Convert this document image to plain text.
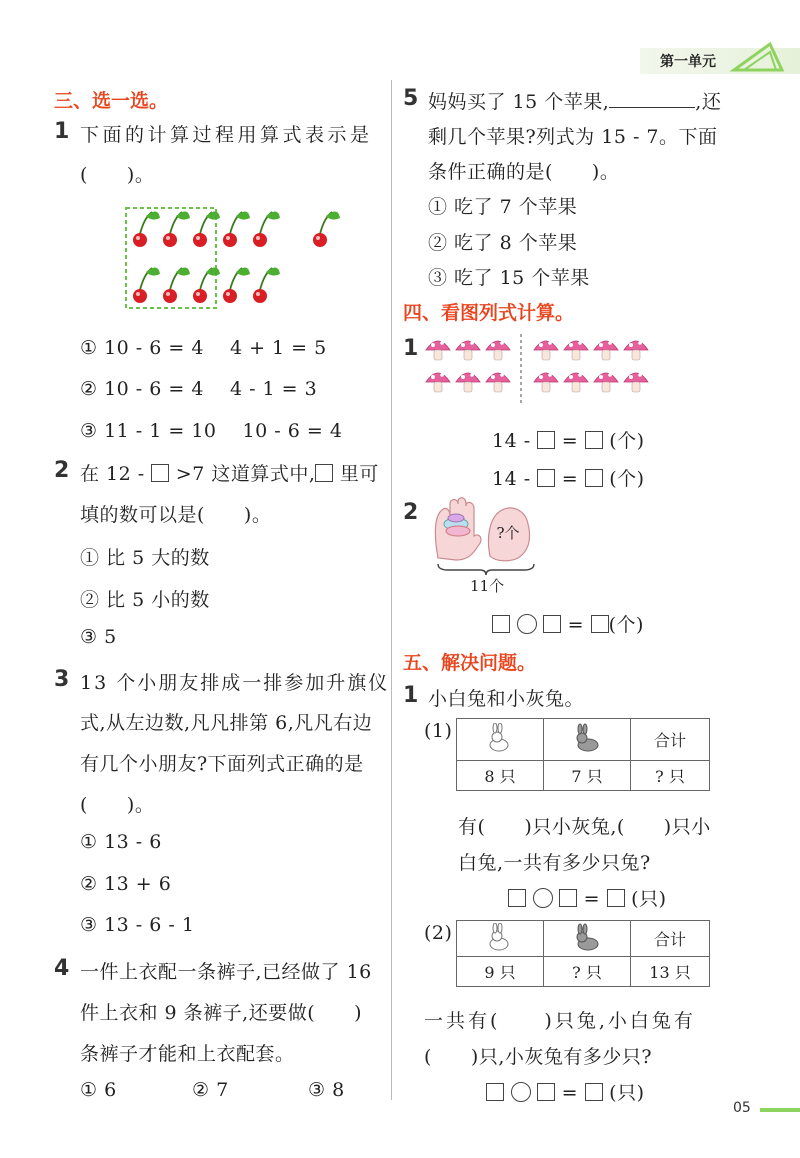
第一单元
三、选一选。
1 下面的计算过程用算式表示是
(　　)。
① 10 - 6 = 4　 4 + 1 = 5
② 10 - 6 = 4　 4 - 1 = 3
③ 11 - 1 = 10　 10 - 6 = 4
2 在 12 - >7 这道算式中, 里可
填的数可以是(　　)。
① 比 5 大的数
② 比 5 小的数
③ 5
3 13 个小朋友排成一排参加升旗仪
式,从左边数,凡凡排第 6,凡凡右边
有几个小朋友?下面列式正确的是
(　　)。
① 13 - 6
② 13 + 6
③ 13 - 6 - 1
4 一件上衣配一条裤子,已经做了 16
件上衣和 9 条裤子,还要做(　　)
条裤子才能和上衣配套。
① 6	② 7	③ 8
5 妈妈买了 15 个苹果,	,还
剩几个苹果?列式为 15 - 7。下面
条件正确的是(　　)。
① 吃了 7 个苹果
② 吃了 8 个苹果
③ 吃了 15 个苹果
四、看图列式计算。
1
14 - = (个)
14 - = (个)
2
?个
11个
= (个)
五、解决问题。
1 小白兔和小灰兔。
(1)
			合计
8 只	7 只	? 只
有(　　)只小灰兔,(　　)只小
白兔,一共有多少只兔?
= (只)
(2)
			合计
9 只	? 只	13 只
一共有(　　)只兔,小白兔有
(　　)只,小灰兔有多少只?
= (只)
05
